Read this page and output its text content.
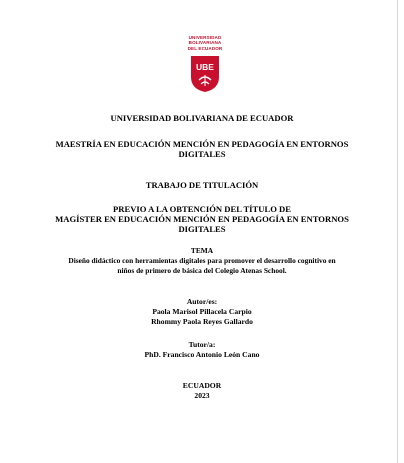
UNIVERSIDAD
BOLIVARIANA
DEL ECUADOR
UBE
UNIVERSIDAD BOLIVARIANA DE ECUADOR
MAESTRÍA EN EDUCACIÓN MENCIÓN EN PEDAGOGÍA EN ENTORNOS
DIGITALES
TRABAJO DE TITULACIÓN
PREVIO A LA OBTENCIÓN DEL TÍTULO DE
MAGÍSTER EN EDUCACIÓN MENCIÓN EN PEDAGOGÍA EN ENTORNOS
DIGITALES
TEMA
Diseño didáctico con herramientas digitales para promover el desarrollo cognitivo en
niños de primero de básica del Colegio Atenas School.
Autor/es:
Paola Marisol Pillacela Carpio
Rhommy Paola Reyes Gallardo
Tutor/a:
PhD. Francisco Antonio León Cano
ECUADOR
2023
